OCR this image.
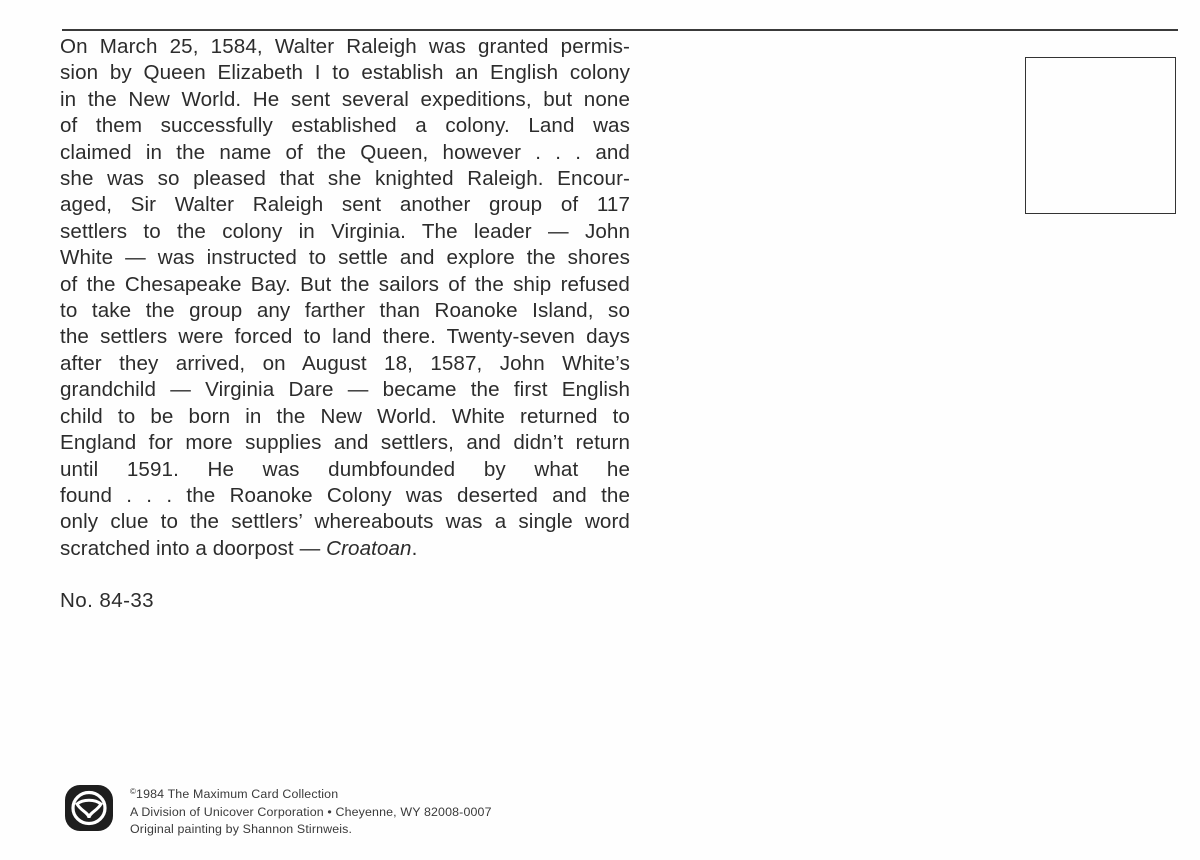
On March 25, 1584, Walter Raleigh was granted permis-
sion by Queen Elizabeth I to establish an English colony
in the New World. He sent several expeditions, but none
of them successfully established a colony. Land was
claimed in the name of the Queen, however . . . and
she was so pleased that she knighted Raleigh. Encour-
aged, Sir Walter Raleigh sent another group of 117
settlers to the colony in Virginia. The leader — John
White — was instructed to settle and explore the shores
of the Chesapeake Bay. But the sailors of the ship refused
to take the group any farther than Roanoke Island, so
the settlers were forced to land there. Twenty-seven days
after they arrived, on August 18, 1587, John White’s
grandchild — Virginia Dare — became the first English
child to be born in the New World. White returned to
England for more supplies and settlers, and didn’t return
until 1591. He was dumbfounded by what he
found . . . the Roanoke Colony was deserted and the
only clue to the settlers’ whereabouts was a single word
scratched into a doorpost — Croatoan.

No. 84-33

©1984 The Maximum Card Collection
A Division of Unicover Corporation • Cheyenne, WY 82008-0007
Original painting by Shannon Stirnweis.
